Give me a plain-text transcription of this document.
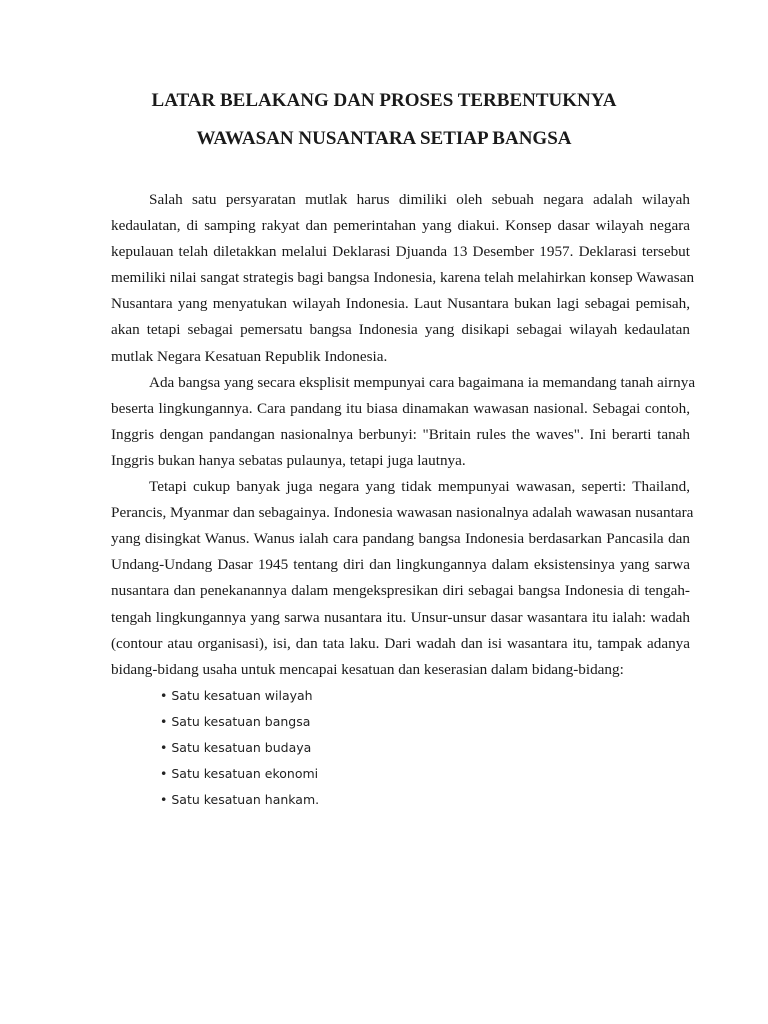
LATAR BELAKANG DAN PROSES TERBENTUKNYA
WAWASAN NUSANTARA SETIAP BANGSA
Salah satu persyaratan mutlak harus dimiliki oleh sebuah negara adalah wilayah
kedaulatan, di samping rakyat dan pemerintahan yang diakui. Konsep dasar wilayah negara
kepulauan telah diletakkan melalui Deklarasi Djuanda 13 Desember 1957. Deklarasi tersebut
memiliki nilai sangat strategis bagi bangsa Indonesia, karena telah melahirkan konsep Wawasan
Nusantara yang menyatukan wilayah Indonesia. Laut Nusantara bukan lagi sebagai pemisah,
akan tetapi sebagai pemersatu bangsa Indonesia yang disikapi sebagai wilayah kedaulatan
mutlak Negara Kesatuan Republik Indonesia.
Ada bangsa yang secara eksplisit mempunyai cara bagaimana ia memandang tanah airnya
beserta lingkungannya. Cara pandang itu biasa dinamakan wawasan nasional. Sebagai contoh,
Inggris dengan pandangan nasionalnya berbunyi: "Britain rules the waves". Ini berarti tanah
Inggris bukan hanya sebatas pulaunya, tetapi juga lautnya.
Tetapi cukup banyak juga negara yang tidak mempunyai wawasan, seperti: Thailand,
Perancis, Myanmar dan sebagainya. Indonesia wawasan nasionalnya adalah wawasan nusantara
yang disingkat Wanus. Wanus ialah cara pandang bangsa Indonesia berdasarkan Pancasila dan
Undang-Undang Dasar 1945 tentang diri dan lingkungannya dalam eksistensinya yang sarwa
nusantara dan penekanannya dalam mengekspresikan diri sebagai bangsa Indonesia di tengah-
tengah lingkungannya yang sarwa nusantara itu. Unsur-unsur dasar wasantara itu ialah: wadah
(contour atau organisasi), isi, dan tata laku. Dari wadah dan isi wasantara itu, tampak adanya
bidang-bidang usaha untuk mencapai kesatuan dan keserasian dalam bidang-bidang:
• Satu kesatuan wilayah
• Satu kesatuan bangsa
• Satu kesatuan budaya
• Satu kesatuan ekonomi
• Satu kesatuan hankam.
